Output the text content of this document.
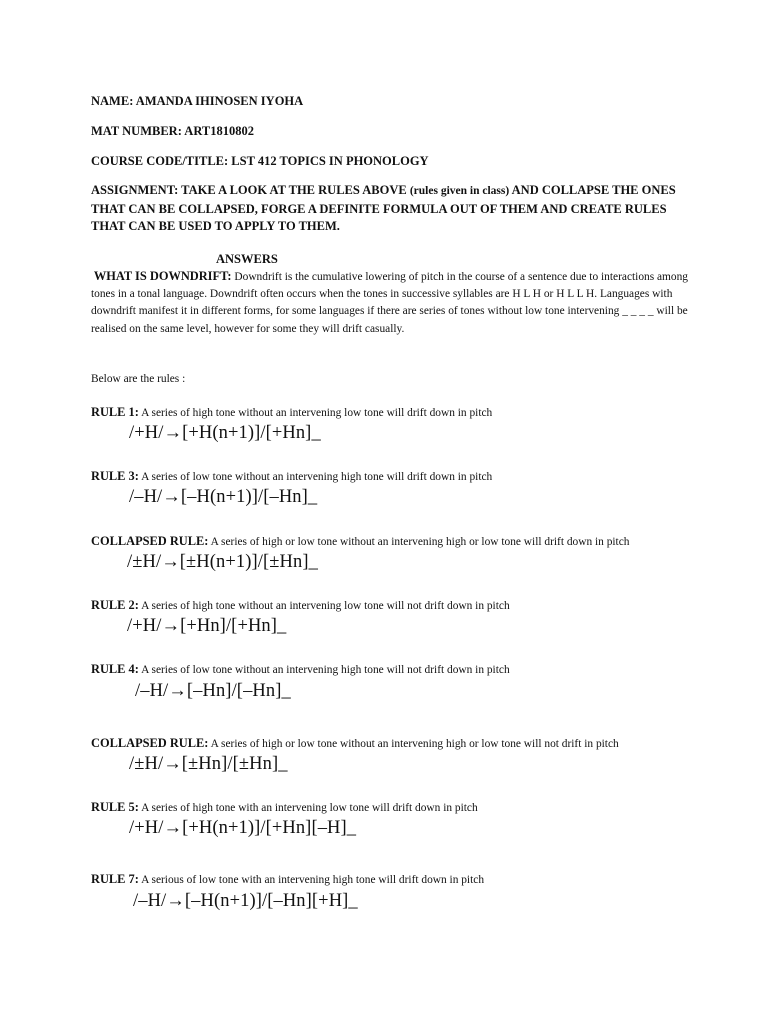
NAME: AMANDA IHINOSEN IYOHA
MAT NUMBER: ART1810802
COURSE CODE/TITLE: LST 412 TOPICS IN PHONOLOGY
ASSIGNMENT: TAKE A LOOK AT THE RULES ABOVE (rules given in class) AND COLLAPSE THE ONES THAT CAN BE COLLAPSED, FORGE A DEFINITE FORMULA OUT OF THEM AND CREATE RULES THAT CAN BE USED TO APPLY TO THEM.
ANSWERS
WHAT IS DOWNDRIFT: Downdrift is the cumulative lowering of pitch in the course of a sentence due to interactions among tones in a tonal language. Downdrift often occurs when the tones in successive syllables are H L H or H L L H. Languages with downdrift manifest it in different forms, for some languages if there are series of tones without low tone intervening _ _ _ _ will be realised on the same level, however for some they will drift casually.
Below are the rules :
RULE 1: A series of high tone without an intervening low tone will drift down in pitch
/+H/→[+H(n+1)]/[+Hn]_
RULE 3: A series of low tone without an intervening high tone will drift down in pitch
/–H/→[–H(n+1)]/[–Hn]_
COLLAPSED RULE: A series of high or low tone without an intervening high or low tone will drift down in pitch
/±H/→[±H(n+1)]/[±Hn]_
RULE 2: A series of high tone without an intervening low tone will not drift down in pitch
/+H/→[+Hn]/[+Hn]_
RULE 4: A series of low tone without an intervening high tone will not drift down in pitch
/–H/→[–Hn]/[–Hn]_
COLLAPSED RULE: A series of high or low tone without an intervening high or low tone will not drift in pitch
/±H/→[±Hn]/[±Hn]_
RULE 5: A series of high tone with an intervening low tone will drift down in pitch
/+H/→[+H(n+1)]/[+Hn][–H]_
RULE 7: A serious of low tone with an intervening high tone will drift down in pitch
/–H/→[–H(n+1)]/[–Hn][+H]_
